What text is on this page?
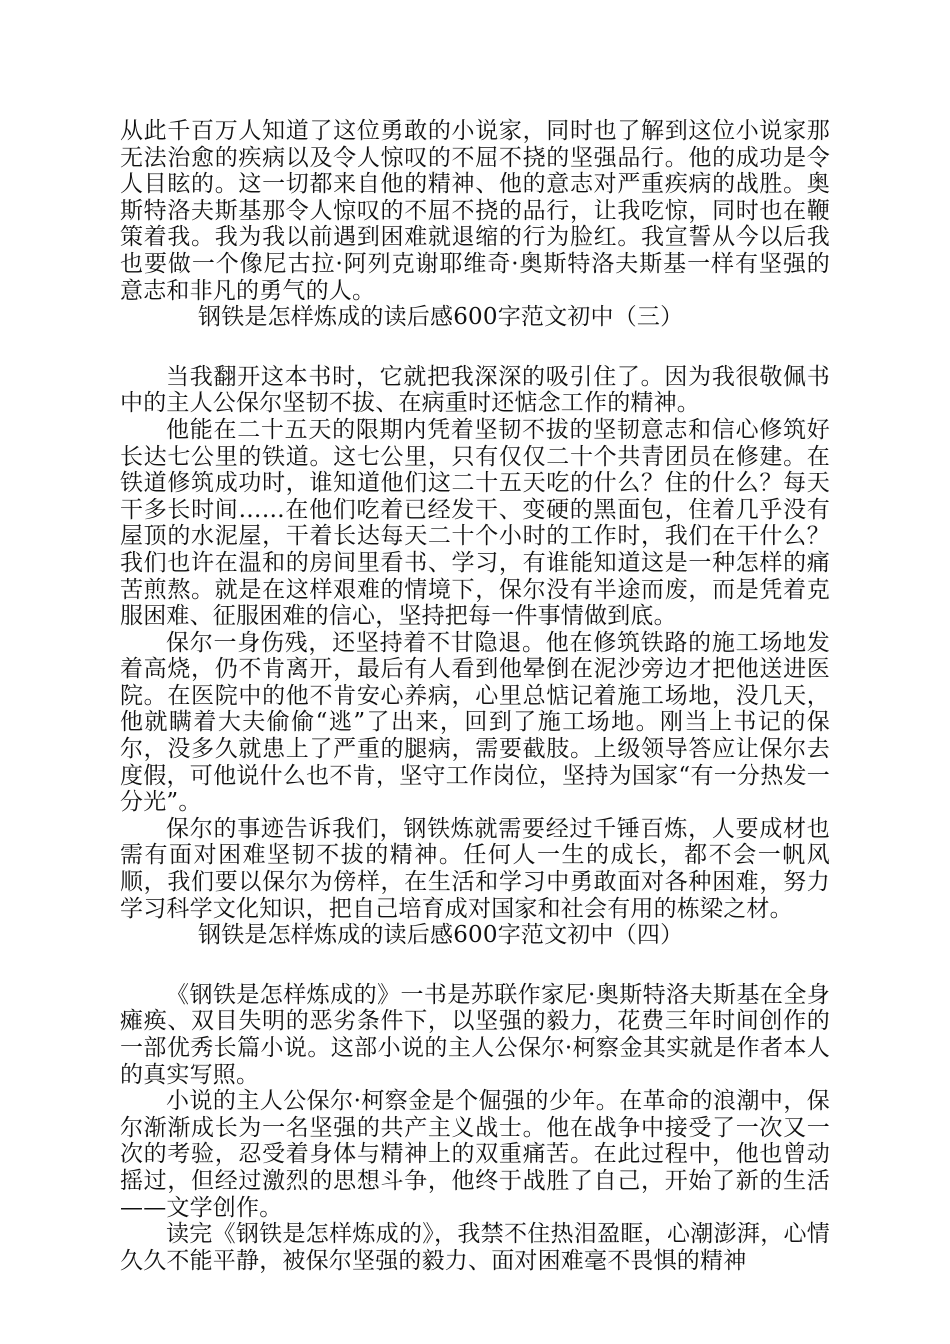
从此千百万人知道了这位勇敢的小说家，同时也了解到这位小说家那无法治愈的疾病以及令人惊叹的不屈不挠的坚强品行。他的成功是令人目眩的。这一切都来自他的精神、他的意志对严重疾病的战胜。奥斯特洛夫斯基那令人惊叹的不屈不挠的品行，让我吃惊，同时也在鞭策着我。我为我以前遇到困难就退缩的行为脸红。我宣誓从今以后我也要做一个像尼古拉·阿列克谢耶维奇·奥斯特洛夫斯基一样有坚强的意志和非凡的勇气的人。

钢铁是怎样炼成的读后感600字范文初中（三）

当我翻开这本书时，它就把我深深的吸引住了。因为我很敬佩书中的主人公保尔坚韧不拔、在病重时还惦念工作的精神。

他能在二十五天的限期内凭着坚韧不拔的坚韧意志和信心修筑好长达七公里的铁道。这七公里，只有仅仅二十个共青团员在修建。在铁道修筑成功时，谁知道他们这二十五天吃的什么？住的什么？每天干多长时间……在他们吃着已经发干、变硬的黑面包，住着几乎没有屋顶的水泥屋，干着长达每天二十个小时的工作时，我们在干什么？我们也许在温和的房间里看书、学习，有谁能知道这是一种怎样的痛苦煎熬。就是在这样艰难的情境下，保尔没有半途而废，而是凭着克服困难、征服困难的信心，坚持把每一件事情做到底。

保尔一身伤残，还坚持着不甘隐退。他在修筑铁路的施工场地发着高烧，仍不肯离开，最后有人看到他晕倒在泥沙旁边才把他送进医院。在医院中的他不肯安心养病，心里总惦记着施工场地，没几天，他就瞒着大夫偷偷“逃”了出来，回到了施工场地。刚当上书记的保尔，没多久就患上了严重的腿病，需要截肢。上级领导答应让保尔去度假，可他说什么也不肯，坚守工作岗位，坚持为国家“有一分热发一分光”。

保尔的事迹告诉我们，钢铁炼就需要经过千锤百炼，人要成材也需有面对困难坚韧不拔的精神。任何人一生的成长，都不会一帆风顺，我们要以保尔为傍样，在生活和学习中勇敢面对各种困难，努力学习科学文化知识，把自己培育成对国家和社会有用的栋梁之材。

钢铁是怎样炼成的读后感600字范文初中（四）

《钢铁是怎样炼成的》一书是苏联作家尼·奥斯特洛夫斯基在全身瘫痪、双目失明的恶劣条件下，以坚强的毅力，花费三年时间创作的一部优秀长篇小说。这部小说的主人公保尔·柯察金其实就是作者本人的真实写照。

小说的主人公保尔·柯察金是个倔强的少年。在革命的浪潮中，保尔渐渐成长为一名坚强的共产主义战士。他在战争中接受了一次又一次的考验，忍受着身体与精神上的双重痛苦。在此过程中，他也曾动摇过，但经过激烈的思想斗争，他终于战胜了自己，开始了新的生活——文学创作。

读完《钢铁是怎样炼成的》，我禁不住热泪盈眶，心潮澎湃，心情久久不能平静，被保尔坚强的毅力、面对困难毫不畏惧的精神
